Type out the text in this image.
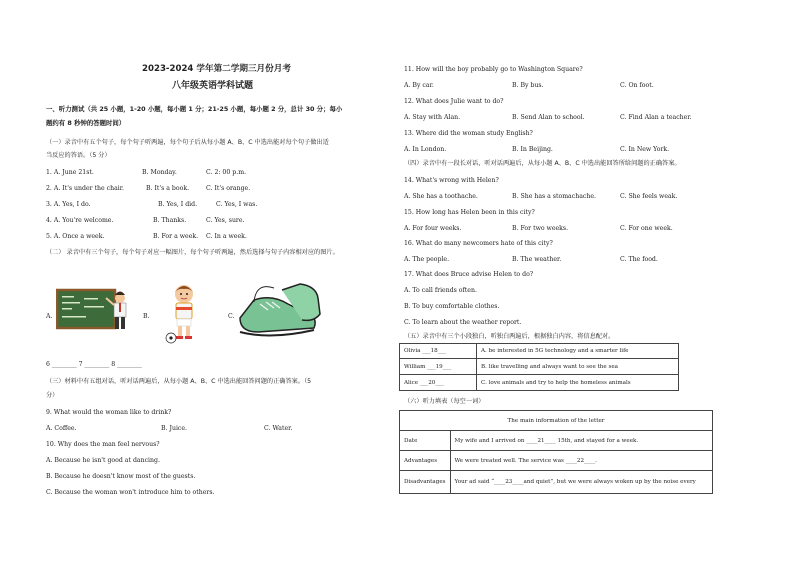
2023-2024 学年第二学期三月份月考
八年级英语学科试题
一、听力测试（共 25 小题，1-20 小题，每小题 1 分；21-25 小题，每小题 2 分，总计 30 分；每小
题约有 8 秒钟的答题时间）
（一）录音中有五个句子，每个句子听两遍，每个句子后从每小题 A、B、C 中选出能对每个句子做出适
当反应的答语。（5 分）
1. A. June 21st.	B. Monday.	C. 2: 00 p.m.
2. A. It's under the chair.	B. It's a book.	C. It's orange.
3. A. Yes, I do.	B. Yes, I did.	C. Yes, I was.
4. A. You're welcome.	B. Thanks.	C. Yes, sure.
5. A. Once a week.	B. For a week. C. In a week.
（二） 录音中有三个句子，每个句子对应一幅图片，每个句子听两遍，然后选择与句子内容相对应的图片。
A.	B.	C.
6 ________ 7 ________ 8 ________
（三）材料中有五组对话，听对话两遍后，从每小题 A、B、C 中选出能回答问题的正确答案。（5
分）
9. What would the woman like to drink?
A. Coffee.	B. Juice.	C. Water.
10. Why does the man feel nervous?
A. Because he isn't good at dancing.
B. Because he doesn't know most of the guests.
C. Because the woman won't introduce him to others.
11. How will the boy probably go to Washington Square?
A. By car.	B. By bus.	C. On foot.
12. What does Julie want to do?
A. Stay with Alan.	B. Send Alan to school.	C. Find Alan a teacher.
13. Where did the woman study English?
A. In London.	B. In Beijing.	C. In New York.
（四）录音中有一段长对话，听对话两遍后，从每小题 A、B、C 中选出能回答所给问题的正确答案。
14. What's wrong with Helen?
A. She has a toothache.	B. She has a stomachache.	C. She feels weak.
15. How long has Helen been in this city?
A. For four weeks.	B. For two weeks.	C. For one week.
16. What do many newcomers hate of this city?
A. The people.	B. The weather.	C. The food.
17. What does Bruce advise Helen to do?
A. To call friends often.
B. To buy comfortable clothes.
C. To learn about the weather report.
（五）录音中有三个小段独白，听独白两遍后，根据独白内容，将信息配对。
Olivia ___18___	A. be interested in 5G technology and a smarter life
William ___19___	B. like travelling and always want to see the sea
Alice ___20___	C. love animals and try to help the homeless animals
（六）听力填表（每空一词）
The main information of the letter	
Date	My wife and I arrived on ____21____ 15th, and stayed for a week.
Advantages	We were treated well. The service was ____22____.
Disadvantages	Your ad said “____23____and quiet”, but we were always woken up by the noise every
